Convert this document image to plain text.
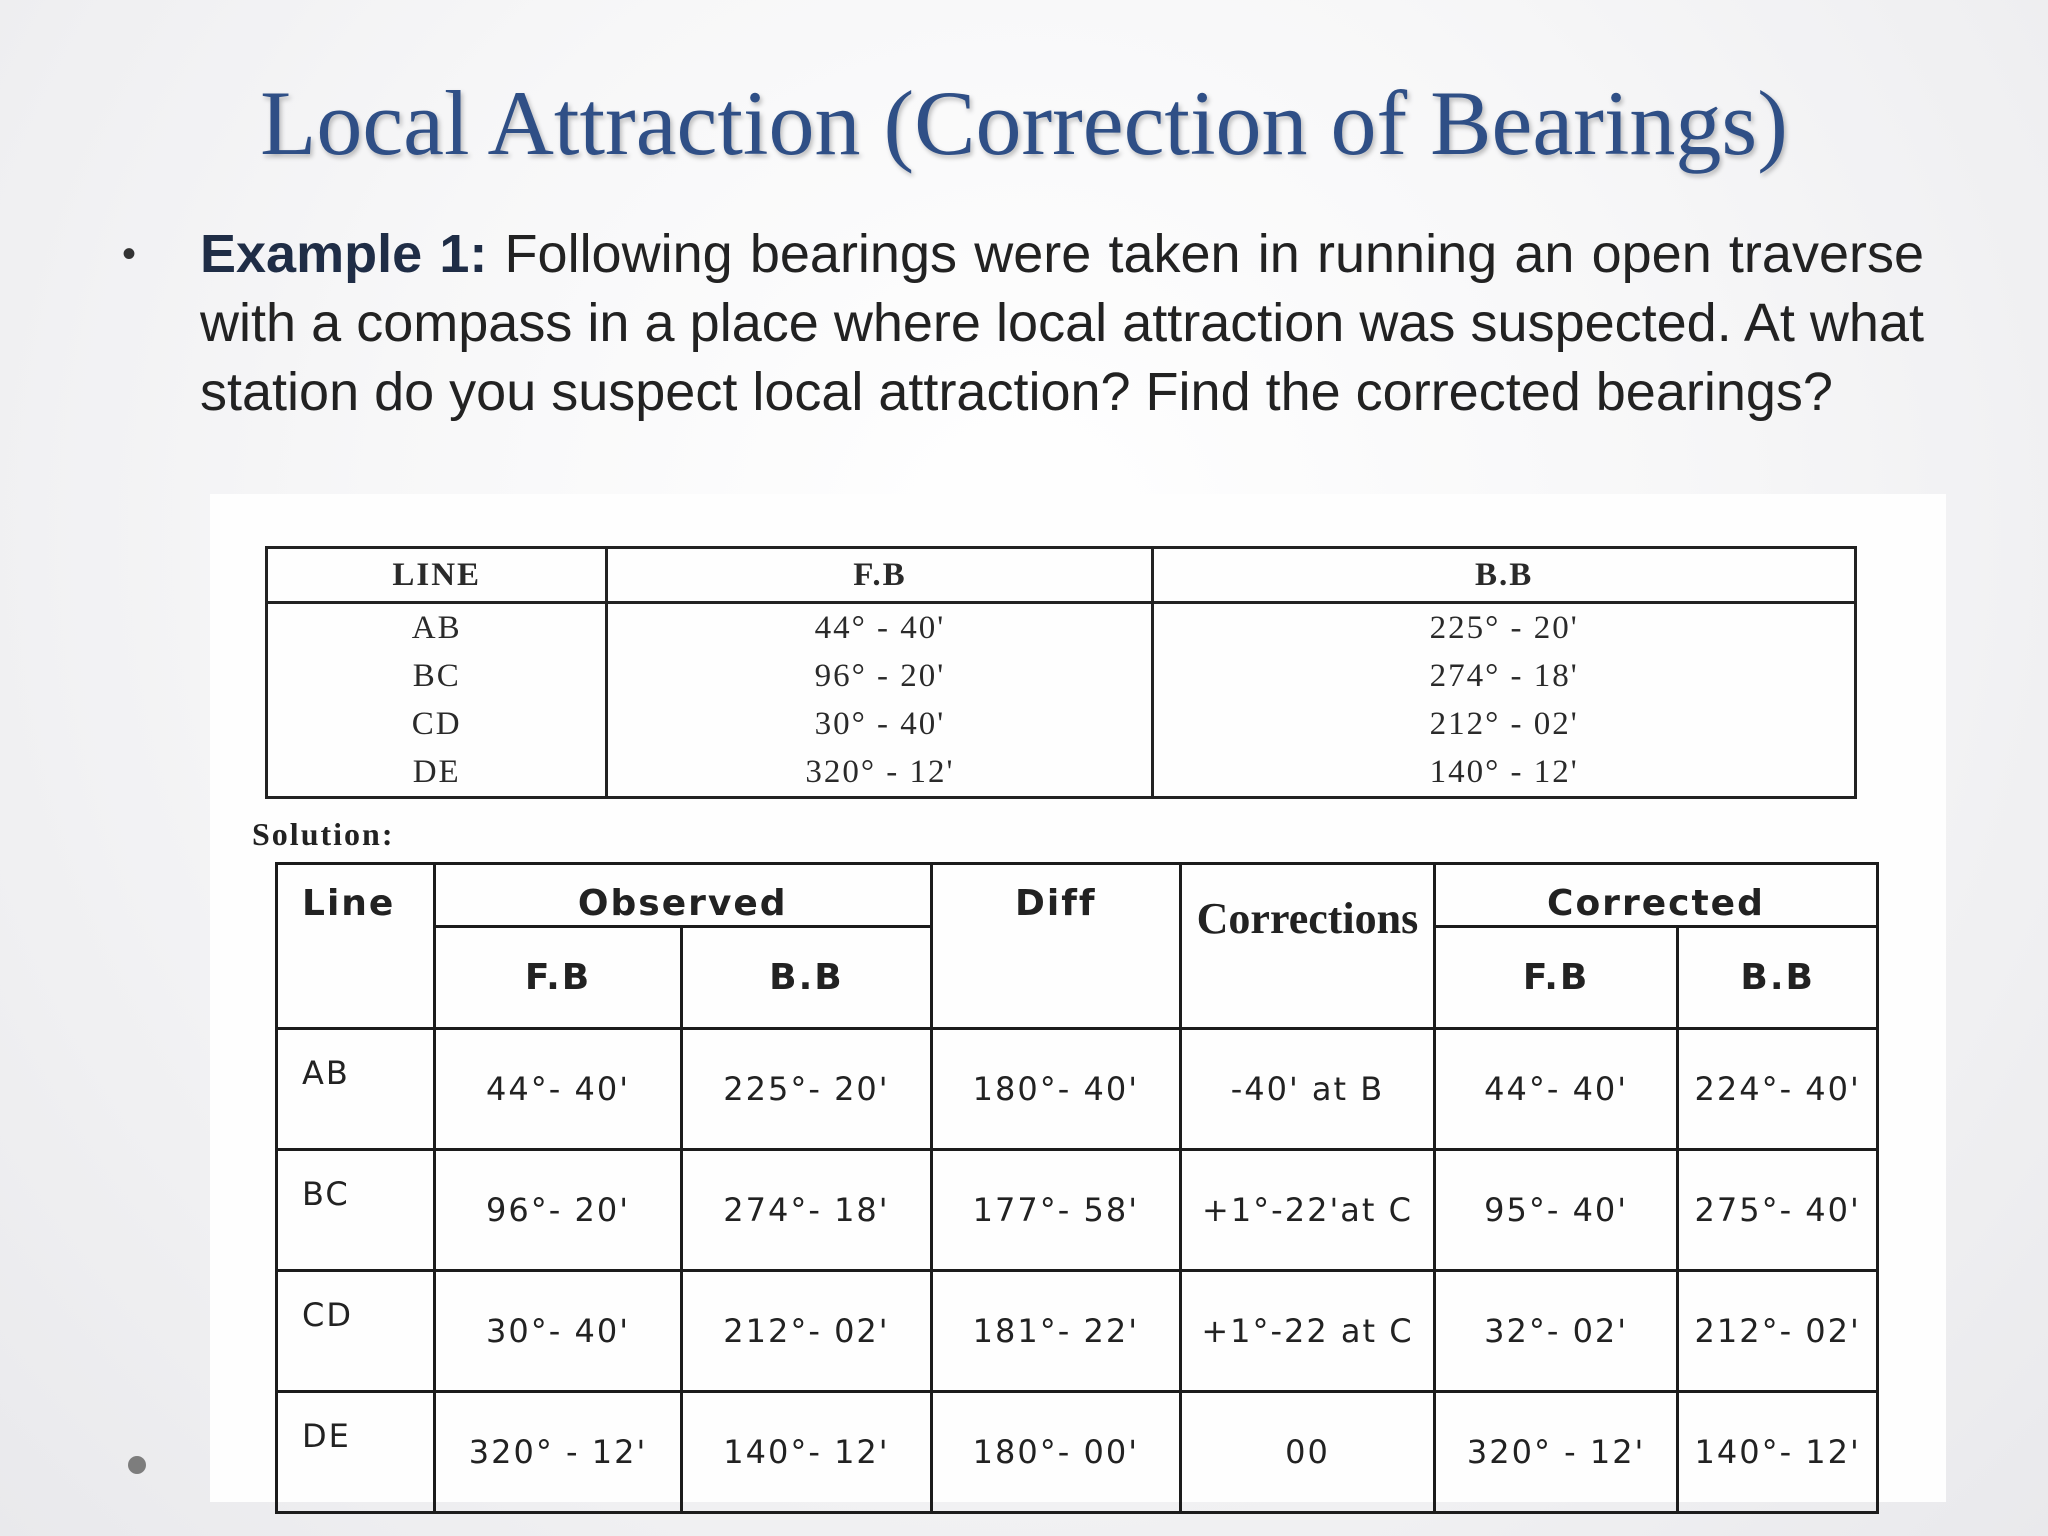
Local Attraction (Correction of Bearings)
• Example 1: Following bearings were taken in running an open traverse with a compass in a place where local attraction was suspected. At what station do you suspect local attraction? Find the corrected bearings?
LINE	F.B	B.B
AB	44° - 40'	225° - 20'
BC	96° - 20'	274° - 18'
CD	30° - 40'	212° - 02'
DE	320° - 12'	140° - 12'
Solution:
Line	Observed		Diff	Corrections	Corrected	
	F.B	B.B			F.B	B.B
AB	44°- 40'	225°- 20'	180°- 40'	-40' at B	44°- 40'	224°- 40'
BC	96°- 20'	274°- 18'	177°- 58'	+1°-22'at C	95°- 40'	275°- 40'
CD	30°- 40'	212°- 02'	181°- 22'	+1°-22 at C	32°- 02'	212°- 02'
DE	320° - 12'	140°- 12'	180°- 00'	00	320° - 12'	140°- 12'
